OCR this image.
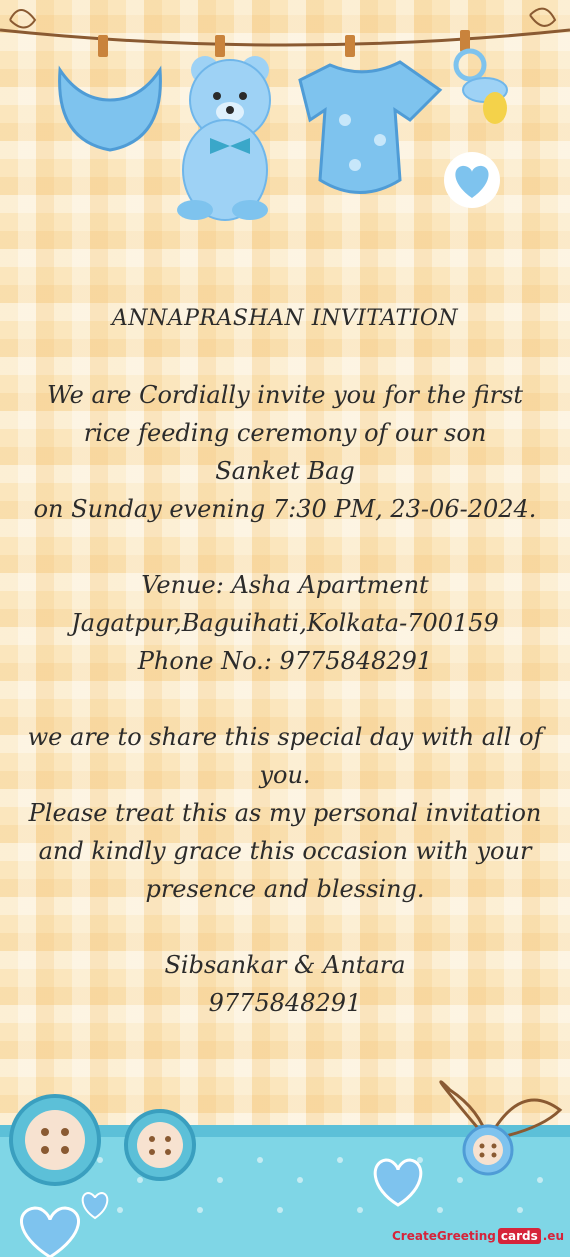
ANNAPRASHAN INVITATION
We are Cordially invite you for the first
rice feeding ceremony of our son
Sanket Bag
on Sunday evening 7:30 PM, 23-06-2024.
Venue: Asha Apartment
Jagatpur,Baguihati,Kolkata-700159
Phone No.: 9775848291
we are to share this special day with all of
you.
Please treat this as my personal invitation
and kindly grace this occasion with your
presence and blessing.
Sibsankar & Antara
9775848291
CreateGreeting cards .eu
